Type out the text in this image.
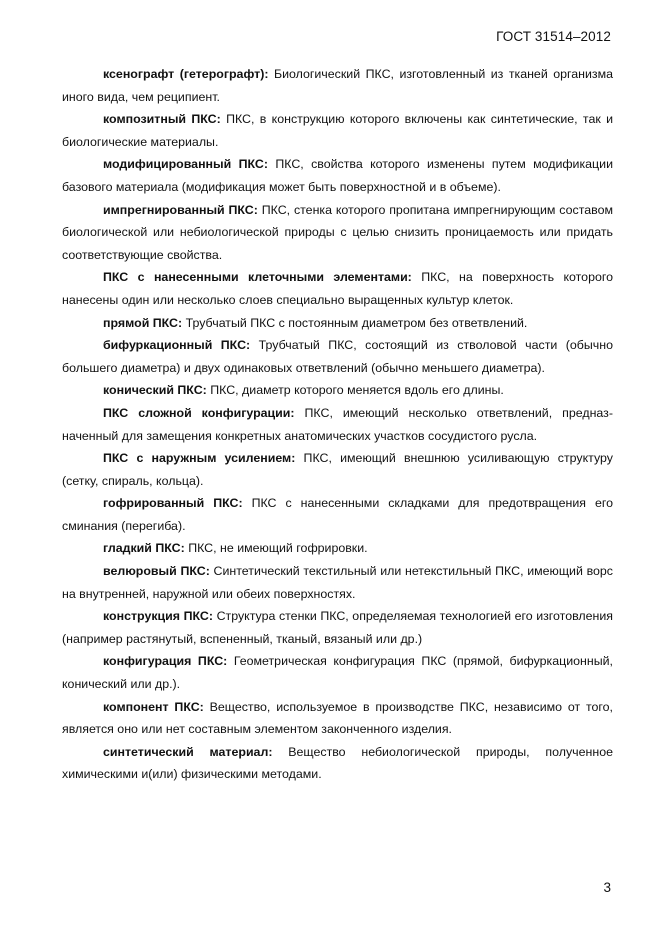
ГОСТ 31514–2012

ксенографт (гетерографт): Биологический ПКС, изготовленный из тканей организма иного вида, чем реципиент.

композитный ПКС: ПКС, в конструкцию которого включены как синтетические, так и биологические материалы.

модифицированный ПКС: ПКС, свойства которого изменены путем модификации базового материала (модификация может быть поверхностной и в объеме).

импрегнированный ПКС: ПКС, стенка которого пропитана импрегнирующим составом биологической или небиологической природы с целью снизить проницаемость или придать соответствующие свойства.

ПКС с нанесенными клеточными элементами: ПКС, на поверхность которого нанесены один или несколько слоев специально выращенных культур клеток.

прямой ПКС: Трубчатый ПКС с постоянным диаметром без ответвлений.

бифуркационный ПКС: Трубчатый ПКС, состоящий из стволовой части (обычно большего диаметра) и двух одинаковых ответвлений (обычно меньшего диаметра).

конический ПКС: ПКС, диаметр которого меняется вдоль его длины.

ПКС сложной конфигурации: ПКС, имеющий несколько ответвлений, предназначенный для замещения конкретных анатомических участков сосудистого русла.

ПКС с наружным усилением: ПКС, имеющий внешнюю усиливающую структуру (сетку, спираль, кольца).

гофрированный ПКС: ПКС с нанесенными складками для предотвращения его сминания (перегиба).

гладкий ПКС: ПКС, не имеющий гофрировки.

велюровый ПКС: Синтетический текстильный или нетекстильный ПКС, имеющий ворс на внутренней, наружной или обеих поверхностях.

конструкция ПКС: Структура стенки ПКС, определяемая технологией его изготовления (например растянутый, вспененный, тканый, вязаный или др.)

конфигурация ПКС: Геометрическая конфигурация ПКС (прямой, бифуркационный, конический или др.).

компонент ПКС: Вещество, используемое в производстве ПКС, независимо от того, является оно или нет составным элементом законченного изделия.

синтетический материал: Вещество небиологической природы, полученное химическими и(или) физическими методами.

3
